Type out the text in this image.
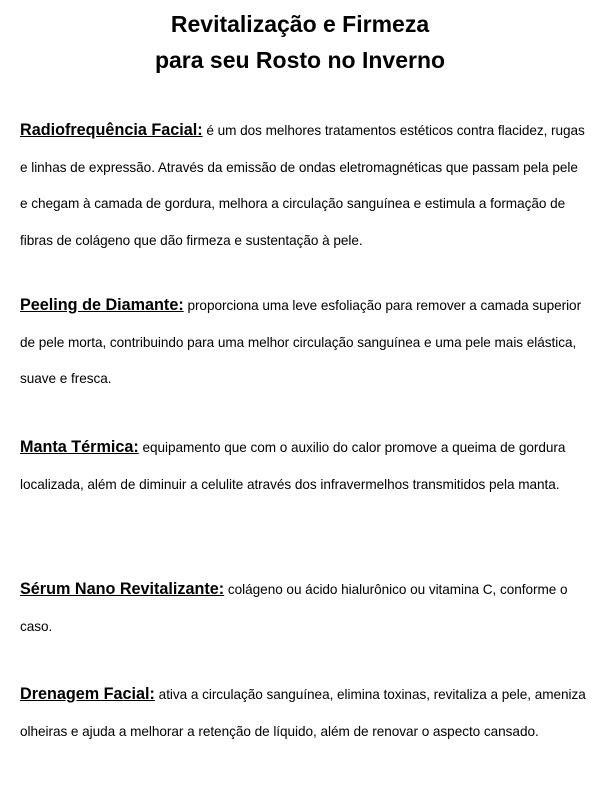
Revitalização e Firmeza
para seu Rosto no Inverno

Radiofrequência Facial: é um dos melhores tratamentos estéticos contra flacidez, rugas e linhas de expressão. Através da emissão de ondas eletromagnéticas que passam pela pele e chegam à camada de gordura, melhora a circulação sanguínea e estimula a formação de fibras de colágeno que dão firmeza e sustentação à pele.

Peeling de Diamante: proporciona uma leve esfoliação para remover a camada superior de pele morta, contribuindo para uma melhor circulação sanguínea e uma pele mais elástica, suave e fresca.

Manta Térmica: equipamento que com o auxilio do calor promove a queima de gordura localizada, além de diminuir a celulite através dos infravermelhos transmitidos pela manta.

Sérum Nano Revitalizante: colágeno ou ácido hialurônico ou vitamina C, conforme o caso.

Drenagem Facial: ativa a circulação sanguínea, elimina toxinas, revitaliza a pele, ameniza olheiras e ajuda a melhorar a retenção de líquido, além de renovar o aspecto cansado.
